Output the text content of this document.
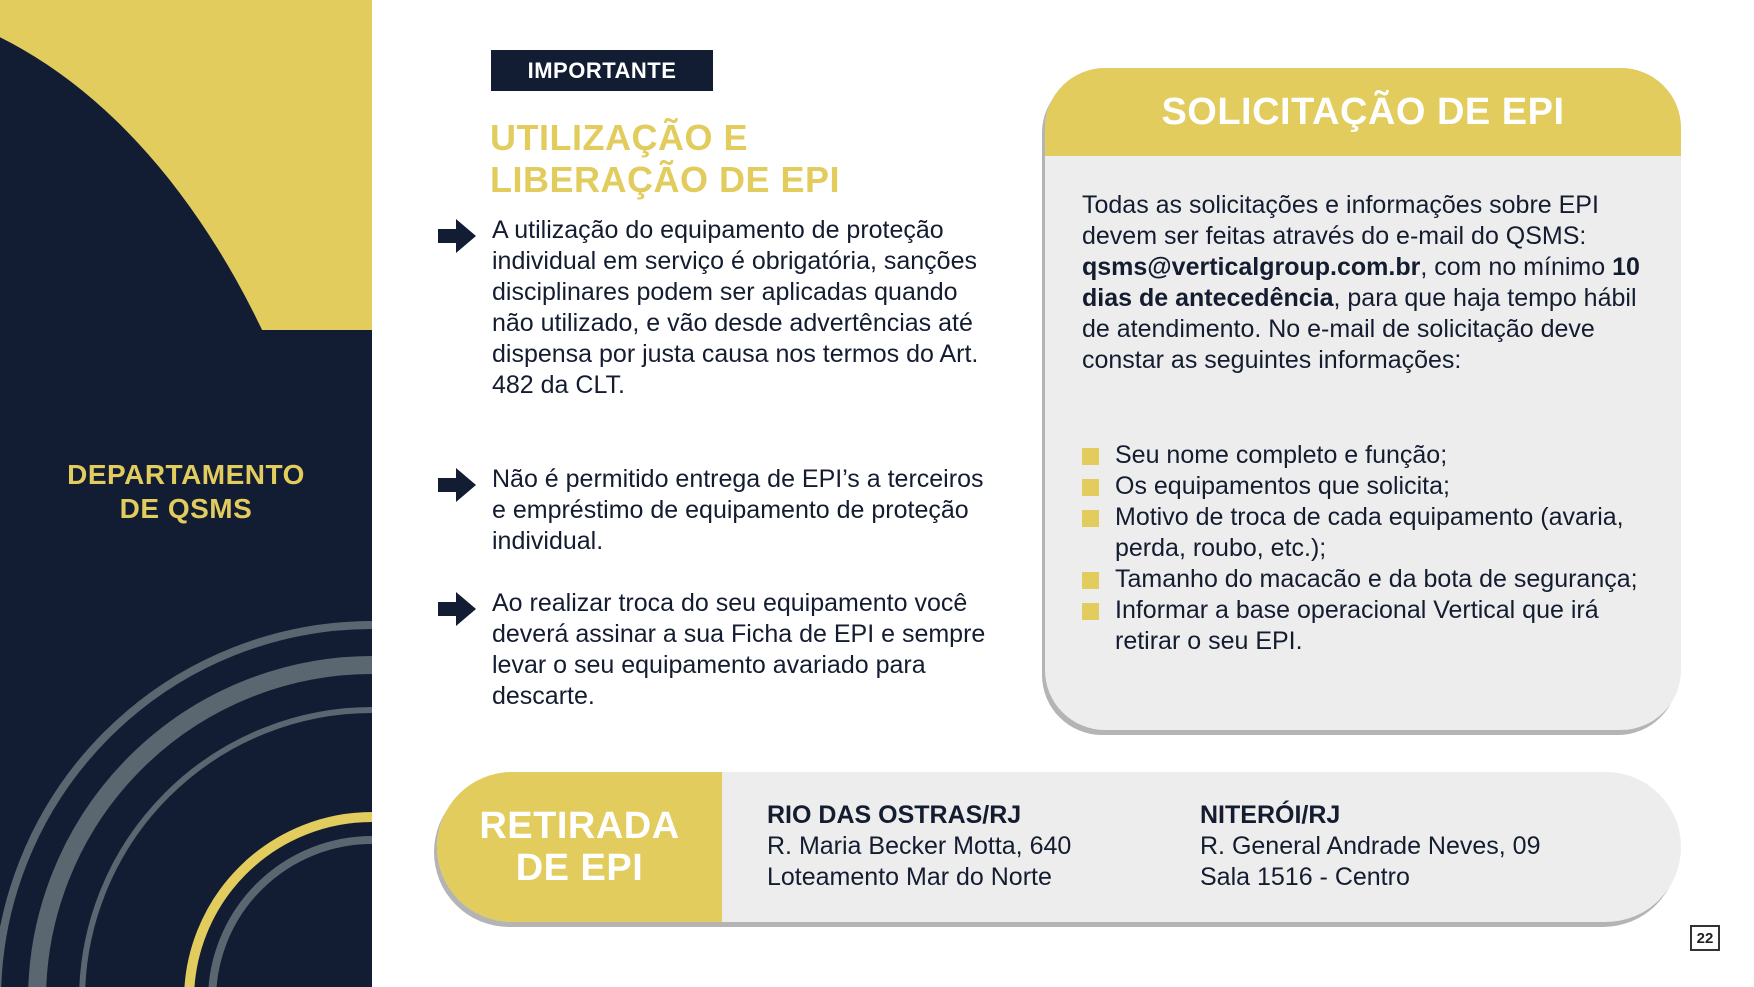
DEPARTAMENTO
DE QSMS
IMPORTANTE
UTILIZAÇÃO E
LIBERAÇÃO DE EPI
A utilização do equipamento de proteção individual em serviço é obrigatória, sanções disciplinares podem ser aplicadas quando não utilizado, e vão desde advertências até dispensa por justa causa nos termos do Art. 482 da CLT.
Não é permitido entrega de EPI’s a terceiros e empréstimo de equipamento de proteção individual.
Ao realizar troca do seu equipamento você deverá assinar a sua Ficha de EPI e sempre levar o seu equipamento avariado para descarte.
SOLICITAÇÃO DE EPI
Todas as solicitações e informações sobre EPI devem ser feitas através do e-mail do QSMS: qsms@verticalgroup.com.br, com no mínimo 10 dias de antecedência, para que haja tempo hábil de atendimento. No e-mail de solicitação deve constar as seguintes informações:
Seu nome completo e função;
Os equipamentos que solicita;
Motivo de troca de cada equipamento (avaria, perda, roubo, etc.);
Tamanho do macacão e da bota de segurança;
Informar a base operacional Vertical que irá retirar o seu EPI.
RETIRADA
DE EPI
RIO DAS OSTRAS/RJ
R. Maria Becker Motta, 640
Loteamento Mar do Norte
NITERÓI/RJ
R. General Andrade Neves, 09
Sala 1516 - Centro
22
